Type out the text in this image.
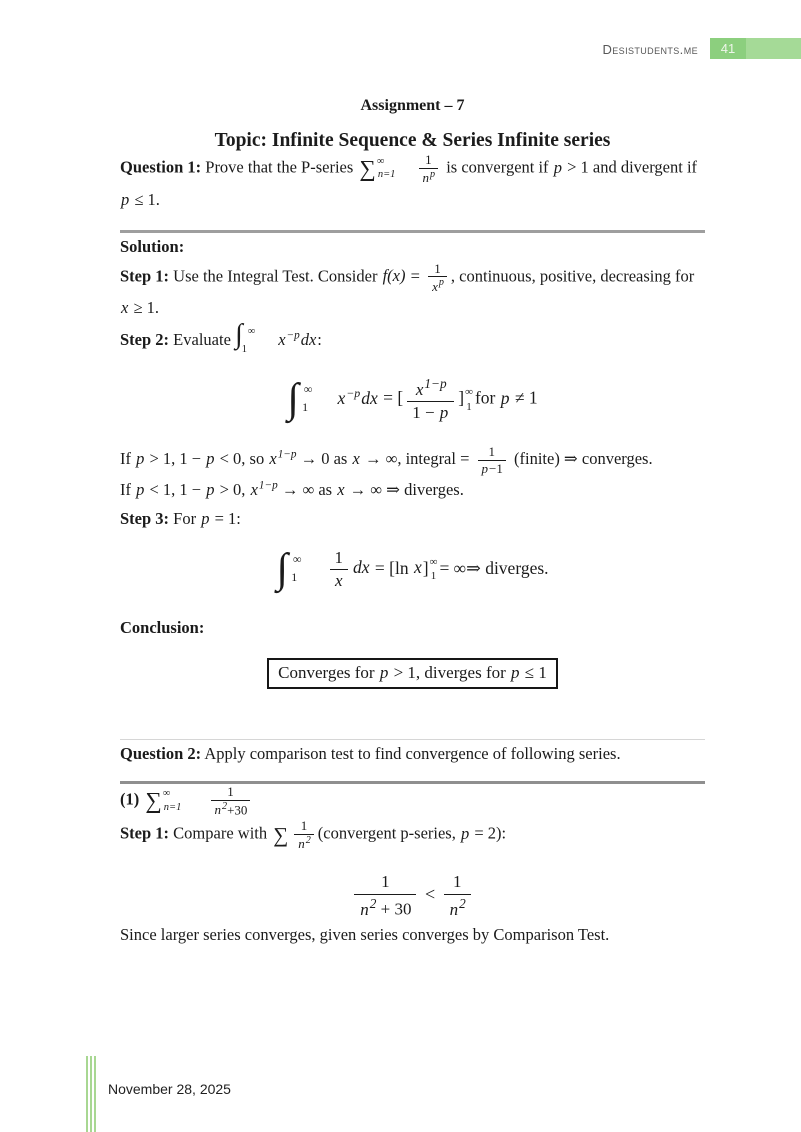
Desistudents.me	41

Assignment – 7

Topic: Infinite Sequence & Series Infinite series

Question 1: Prove that the P-series ∑ ∞
n=1
$\frac{1}{n^p}$ is convergent if p > 1 and divergent if p ≤ 1.

Solution:

Step 1: Use the Integral Test. Consider $f(x) = \frac{1}{x^p}$ , continuous, positive, decreasing for x ≥ 1.

Step 2: Evaluate ∫ ∞
1
$x^{-p}dx$:

∫ ∞
1 $x^{-p}dx$ = [ $\frac{x^{1-p}}{1 - p}$ ] ∞
1 for p ≠ 1

If p > 1, 1 − p < 0, so $x^{1-p} \to 0$ as x → ∞, integral = $\frac{1}{p-1}$ (finite) ⇒ converges.

If p < 1, 1 − p > 0, $x^{1-p}$ → ∞ as x → ∞ ⇒ diverges.

Step 3: For p = 1:

∫ ∞
$1 \frac{1}{x}$ dx = [ln x] ∞
1 = ∞⇒ diverges.

Conclusion:

Converges for p > 1, diverges for p ≤ 1

Question 2: Apply comparison test to find convergence of following series.

(1) ∑ ∞
n=1
$\frac{1}{n^2+30}$

Step 1: Compare with ∑ $\frac{1}{n^2}$ (convergent p-series, p = 2):

$\frac{1}{n^2 + 30} < \frac{1}{n^2}$

Since larger series converges, given series converges by Comparison Test.

November 28, 2025
